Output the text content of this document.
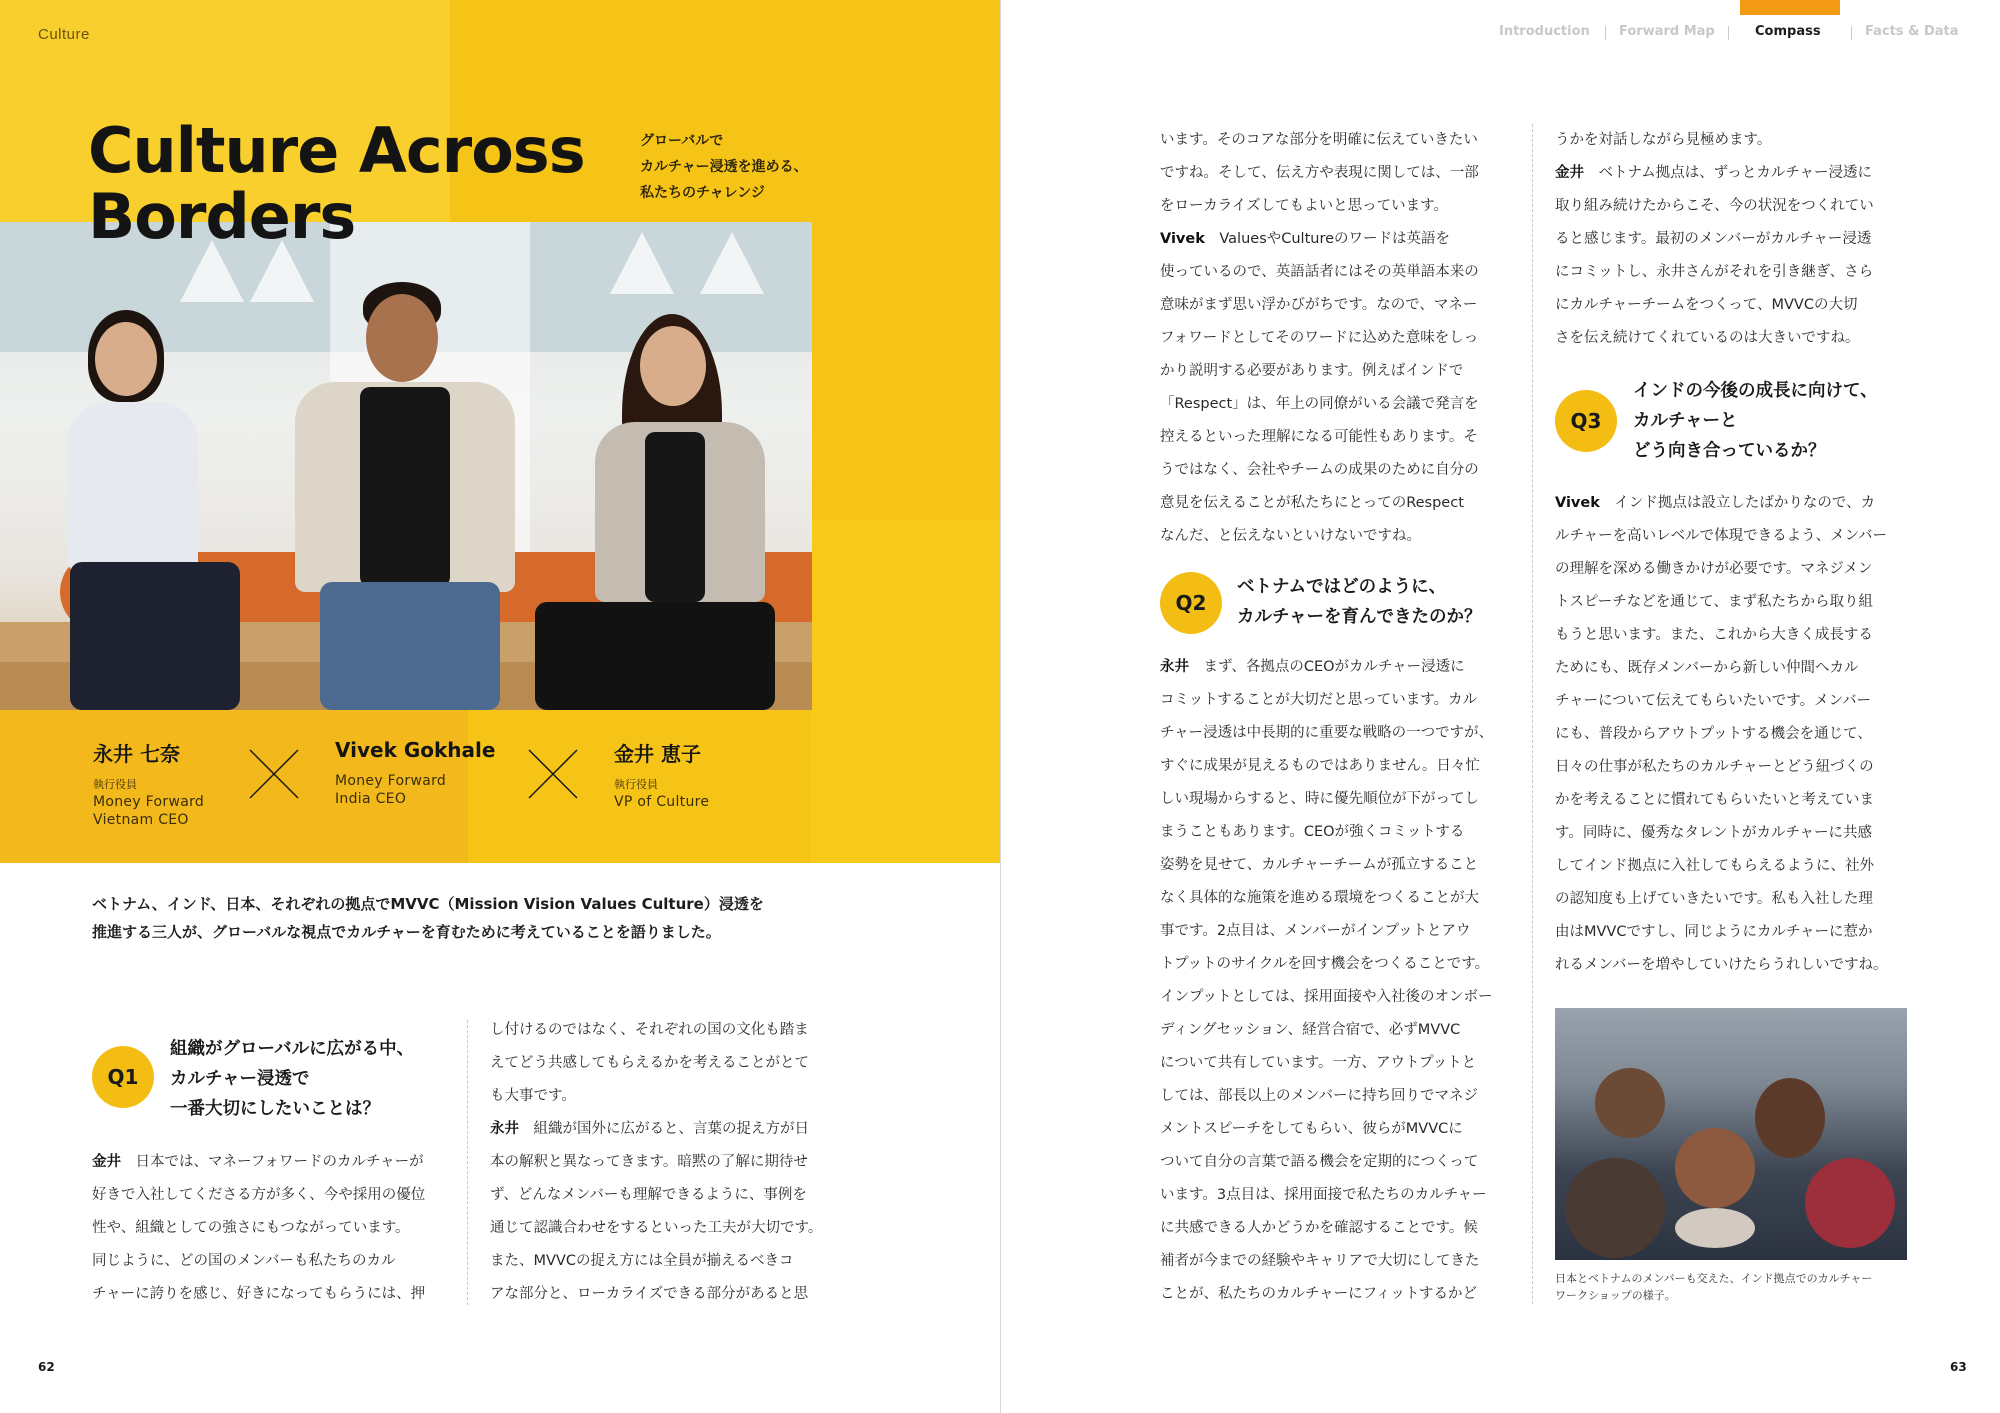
Culture
Culture Across
Borders
グローバルで
カルチャー浸透を進める、
私たちのチャレンジ
永井 七奈
執行役員
Money Forward
Vietnam CEO
Vivek Gokhale
Money Forward
India CEO
金井 恵子
執行役員
VP of Culture
ベトナム、インド、日本、それぞれの拠点でMVVC（Mission Vision Values Culture）浸透を
推進する三人が、グローバルな視点でカルチャーを育むために考えていることを語りました。
Q1
組織がグローバルに広がる中、
カルチャー浸透で
一番大切にしたいことは？
金井　日本では、マネーフォワードのカルチャーが
好きで入社してくださる方が多く、今や採用の優位
性や、組織としての強さにもつながっています。
同じように、どの国のメンバーも私たちのカル
チャーに誇りを感じ、好きになってもらうには、押
し付けるのではなく、それぞれの国の文化も踏ま
えてどう共感してもらえるかを考えることがとて
も大事です。
永井　組織が国外に広がると、言葉の捉え方が日
本の解釈と異なってきます。暗黙の了解に期待せ
ず、どんなメンバーも理解できるように、事例を
通じて認識合わせをするといった工夫が大切です。
また、MVVCの捉え方には全員が揃えるべきコ
アな部分と、ローカライズできる部分があると思
62
Introduction Forward Map	Compass	Facts & Data
います。そのコアな部分を明確に伝えていきたい
ですね。そして、伝え方や表現に関しては、一部
をローカライズしてもよいと思っています。
Vivek　ValuesやCultureのワードは英語を
使っているので、英語話者にはその英単語本来の
意味がまず思い浮かびがちです。なので、マネー
フォワードとしてそのワードに込めた意味をしっ
かり説明する必要があります。例えばインドで
「Respect」は、年上の同僚がいる会議で発言を
控えるといった理解になる可能性もあります。そ
うではなく、会社やチームの成果のために自分の
意見を伝えることが私たちにとってのRespect
なんだ、と伝えないといけないですね。
Q2
ベトナムではどのように、
カルチャーを育んできたのか？
永井　まず、各拠点のCEOがカルチャー浸透に
コミットすることが大切だと思っています。カル
チャー浸透は中長期的に重要な戦略の一つですが、
すぐに成果が見えるものではありません。日々忙
しい現場からすると、時に優先順位が下がってし
まうこともあります。CEOが強くコミットする
姿勢を見せて、カルチャーチームが孤立すること
なく具体的な施策を進める環境をつくることが大
事です。2点目は、メンバーがインプットとアウ
トプットのサイクルを回す機会をつくることです。
インプットとしては、採用面接や入社後のオンボー
ディングセッション、経営合宿で、必ずMVVC
について共有しています。一方、アウトプットと
しては、部長以上のメンバーに持ち回りでマネジ
メントスピーチをしてもらい、彼らがMVVCに
ついて自分の言葉で語る機会を定期的につくって
います。3点目は、採用面接で私たちのカルチャー
に共感できる人かどうかを確認することです。候
補者が今までの経験やキャリアで大切にしてきた
ことが、私たちのカルチャーにフィットするかど
うかを対話しながら見極めます。
金井　ベトナム拠点は、ずっとカルチャー浸透に
取り組み続けたからこそ、今の状況をつくれてい
ると感じます。最初のメンバーがカルチャー浸透
にコミットし、永井さんがそれを引き継ぎ、さら
にカルチャーチームをつくって、MVVCの大切
さを伝え続けてくれているのは大きいですね。
Q3
インドの今後の成長に向けて、
カルチャーと
どう向き合っているか？
Vivek　インド拠点は設立したばかりなので、カ
ルチャーを高いレベルで体現できるよう、メンバー
の理解を深める働きかけが必要です。マネジメン
トスピーチなどを通じて、まず私たちから取り組
もうと思います。また、これから大きく成長する
ためにも、既存メンバーから新しい仲間へカル
チャーについて伝えてもらいたいです。メンバー
にも、普段からアウトプットする機会を通じて、
日々の仕事が私たちのカルチャーとどう紐づくの
かを考えることに慣れてもらいたいと考えていま
す。同時に、優秀なタレントがカルチャーに共感
してインド拠点に入社してもらえるように、社外
の認知度も上げていきたいです。私も入社した理
由はMVVCですし、同じようにカルチャーに惹か
れるメンバーを増やしていけたらうれしいですね。
日本とベトナムのメンバーも交えた、インド拠点でのカルチャー
ワークショップの様子。
63
